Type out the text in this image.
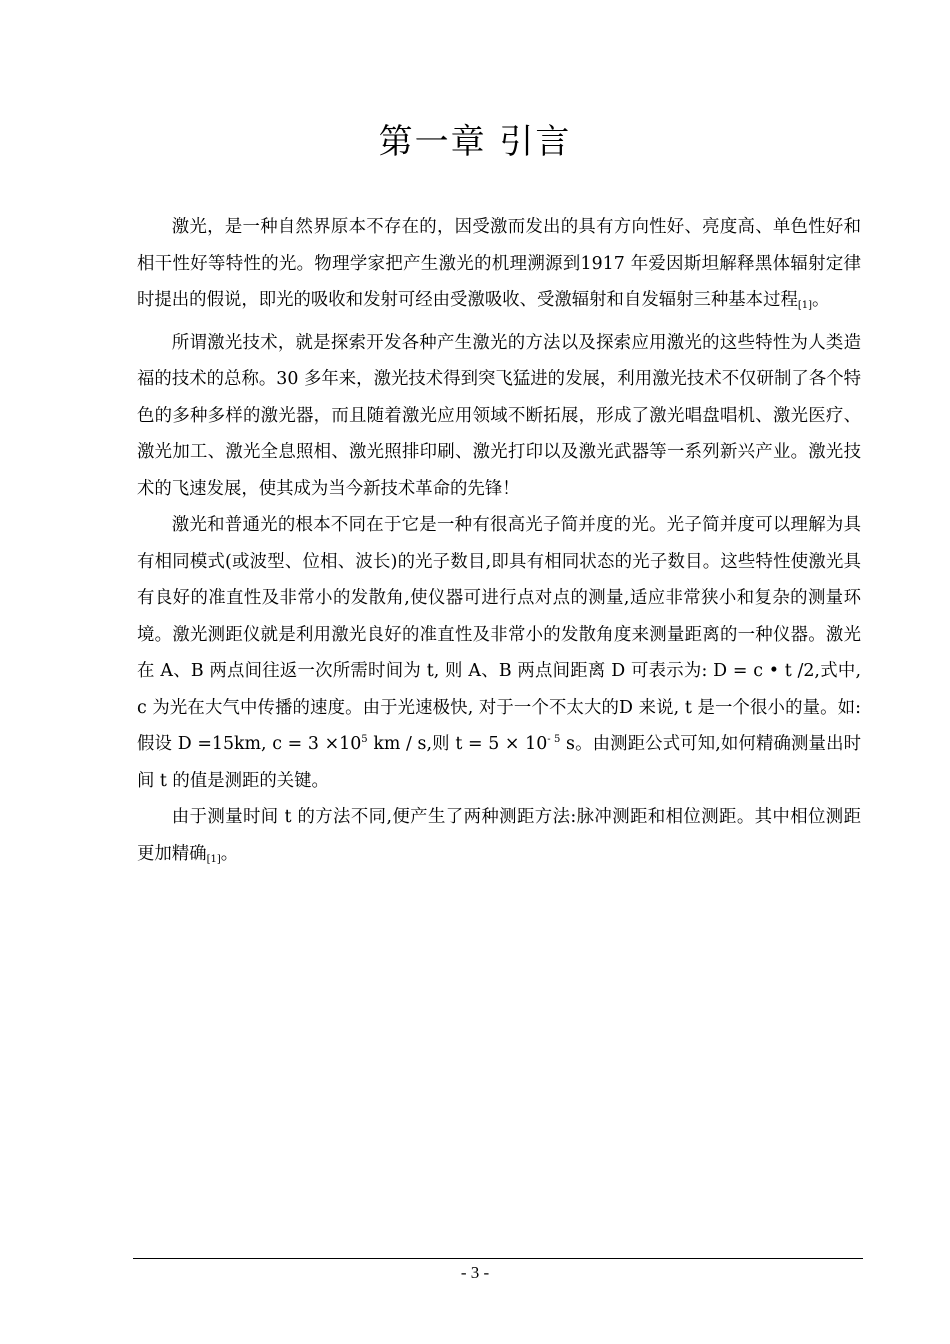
第一章 引言

激光，是一种自然界原本不存在的，因受激而发出的具有方向性好、亮度高、单色性好和相干性好等特性的光。物理学家把产生激光的机理溯源到1917 年爱因斯坦解释黑体辐射定律时提出的假说，即光的吸收和发射可经由受激吸收、受激辐射和自发辐射三种基本过程[1]。

所谓激光技术，就是探索开发各种产生激光的方法以及探索应用激光的这些特性为人类造福的技术的总称。30 多年来，激光技术得到突飞猛进的发展，利用激光技术不仅研制了各个特色的多种多样的激光器，而且随着激光应用领域不断拓展，形成了激光唱盘唱机、激光医疗、激光加工、激光全息照相、激光照排印刷、激光打印以及激光武器等一系列新兴产业。激光技术的飞速发展，使其成为当今新技术革命的先锋！

激光和普通光的根本不同在于它是一种有很高光子简并度的光。光子简并度可以理解为具有相同模式(或波型、位相、波长)的光子数目,即具有相同状态的光子数目。这些特性使激光具有良好的准直性及非常小的发散角,使仪器可进行点对点的测量,适应非常狭小和复杂的测量环境。激光测距仪就是利用激光良好的准直性及非常小的发散角度来测量距离的一种仪器。激光在 A、B 两点间往返一次所需时间为 t, 则 A、B 两点间距离 D 可表示为: D = c • t /2,式中, c 为光在大气中传播的速度。由于光速极快, 对于一个不太大的D 来说, t 是一个很小的量。如:假设 D =15km, $c = 3 \times 10^5$ km / s,则 $t = 5 \times 10^{- 5}$ s。由测距公式可知,如何精确测量出时间 t 的值是测距的关键。

由于测量时间 t 的方法不同,便产生了两种测距方法:脉冲测距和相位测距。其中相位测距更加精确[1]。

- 3 -
